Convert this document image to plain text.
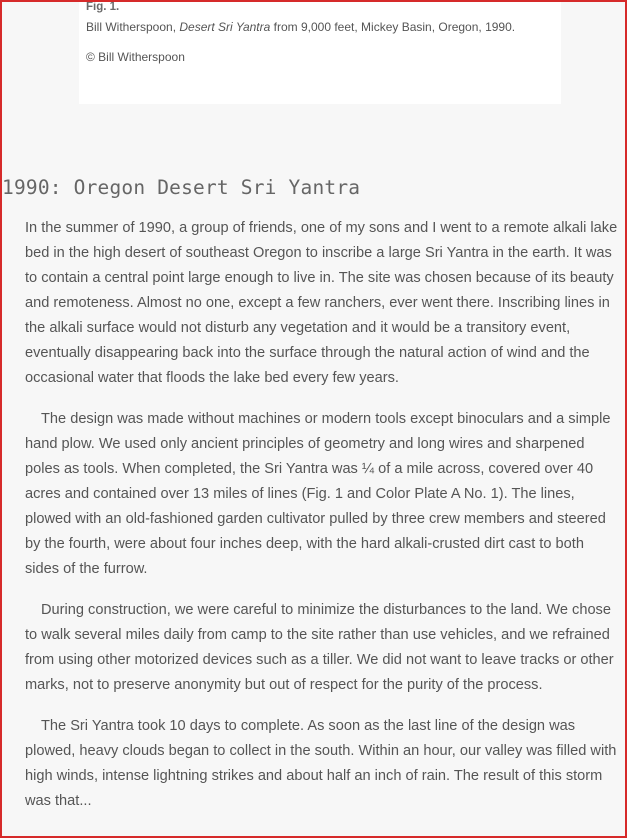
Fig. 1.
Bill Witherspoon, Desert Sri Yantra from 9,000 feet, Mickey Basin, Oregon, 1990.
© Bill Witherspoon
1990: Oregon Desert Sri Yantra

In the summer of 1990, a group of friends, one of my sons and I went to a remote alkali lake bed in the high desert of southeast Oregon to inscribe a large Sri Yantra in the earth. It was to contain a central point large enough to live in. The site was chosen because of its beauty and remoteness. Almost no one, except a few ranchers, ever went there. Inscribing lines in the alkali surface would not disturb any vegetation and it would be a transitory event, eventually disappearing back into the surface through the natural action of wind and the occasional water that floods the lake bed every few years.

The design was made without machines or modern tools except binoculars and a simple hand plow. We used only ancient principles of geometry and long wires and sharpened poles as tools. When completed, the Sri Yantra was ¼ of a mile across, covered over 40 acres and contained over 13 miles of lines (Fig. 1 and Color Plate A No. 1). The lines, plowed with an old-fashioned garden cultivator pulled by three crew members and steered by the fourth, were about four inches deep, with the hard alkali-crusted dirt cast to both sides of the furrow.

During construction, we were careful to minimize the disturbances to the land. We chose to walk several miles daily from camp to the site rather than use vehicles, and we refrained from using other motorized devices such as a tiller. We did not want to leave tracks or other marks, not to preserve anonymity but out of respect for the purity of the process.

The Sri Yantra took 10 days to complete. As soon as the last line of the design was plowed, heavy clouds began to collect in the south. Within an hour, our valley was filled with high winds, intense lightning strikes and about half an inch of rain. The result of this storm was that...
